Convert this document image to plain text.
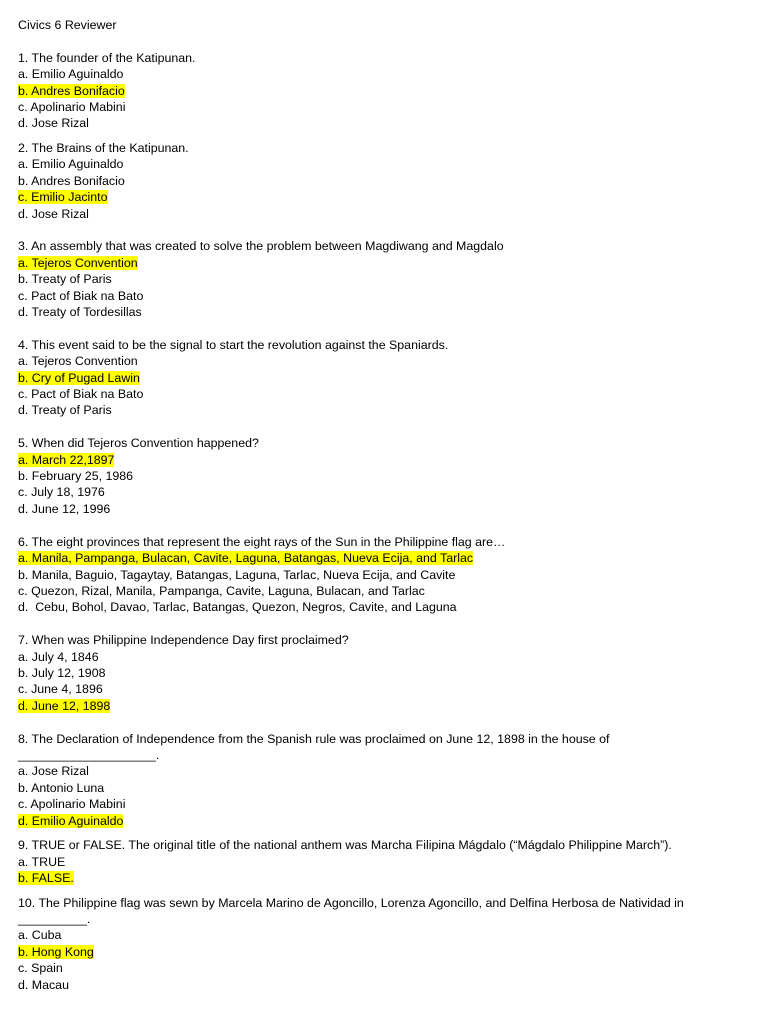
Civics 6 Reviewer
1. The founder of the Katipunan.
a. Emilio Aguinaldo
b. Andres Bonifacio
c. Apolinario Mabini
d. Jose Rizal
2. The Brains of the Katipunan.
a. Emilio Aguinaldo
b. Andres Bonifacio
c. Emilio Jacinto
d. Jose Rizal
3. An assembly that was created to solve the problem between Magdiwang and Magdalo
a. Tejeros Convention
b. Treaty of Paris
c. Pact of Biak na Bato
d. Treaty of Tordesillas
4. This event said to be the signal to start the revolution against the Spaniards.
a. Tejeros Convention
b. Cry of Pugad Lawin
c. Pact of Biak na Bato
d. Treaty of Paris
5. When did Tejeros Convention happened?
a. March 22,1897
b. February 25, 1986
c. July 18, 1976
d. June 12, 1996
6. The eight provinces that represent the eight rays of the Sun in the Philippine flag are…
a. Manila, Pampanga, Bulacan, Cavite, Laguna, Batangas, Nueva Ecija, and Tarlac
b. Manila, Baguio, Tagaytay, Batangas, Laguna, Tarlac, Nueva Ecija, and Cavite
c. Quezon, Rizal, Manila, Pampanga, Cavite, Laguna, Bulacan, and Tarlac
d.  Cebu, Bohol, Davao, Tarlac, Batangas, Quezon, Negros, Cavite, and Laguna
7. When was Philippine Independence Day first proclaimed?
a. July 4, 1846
b. July 12, 1908
c. June 4, 1896
d. June 12, 1898
8. The Declaration of Independence from the Spanish rule was proclaimed on June 12, 1898 in the house of
____________________.
a. Jose Rizal
b. Antonio Luna
c. Apolinario Mabini
d. Emilio Aguinaldo
9. TRUE or FALSE. The original title of the national anthem was Marcha Filipina Mágdalo (“Mágdalo Philippine March”).
a. TRUE
b. FALSE.
10. The Philippine flag was sewn by Marcela Marino de Agoncillo, Lorenza Agoncillo, and Delfina Herbosa de Natividad in
__________.
a. Cuba
b. Hong Kong
c. Spain
d. Macau
